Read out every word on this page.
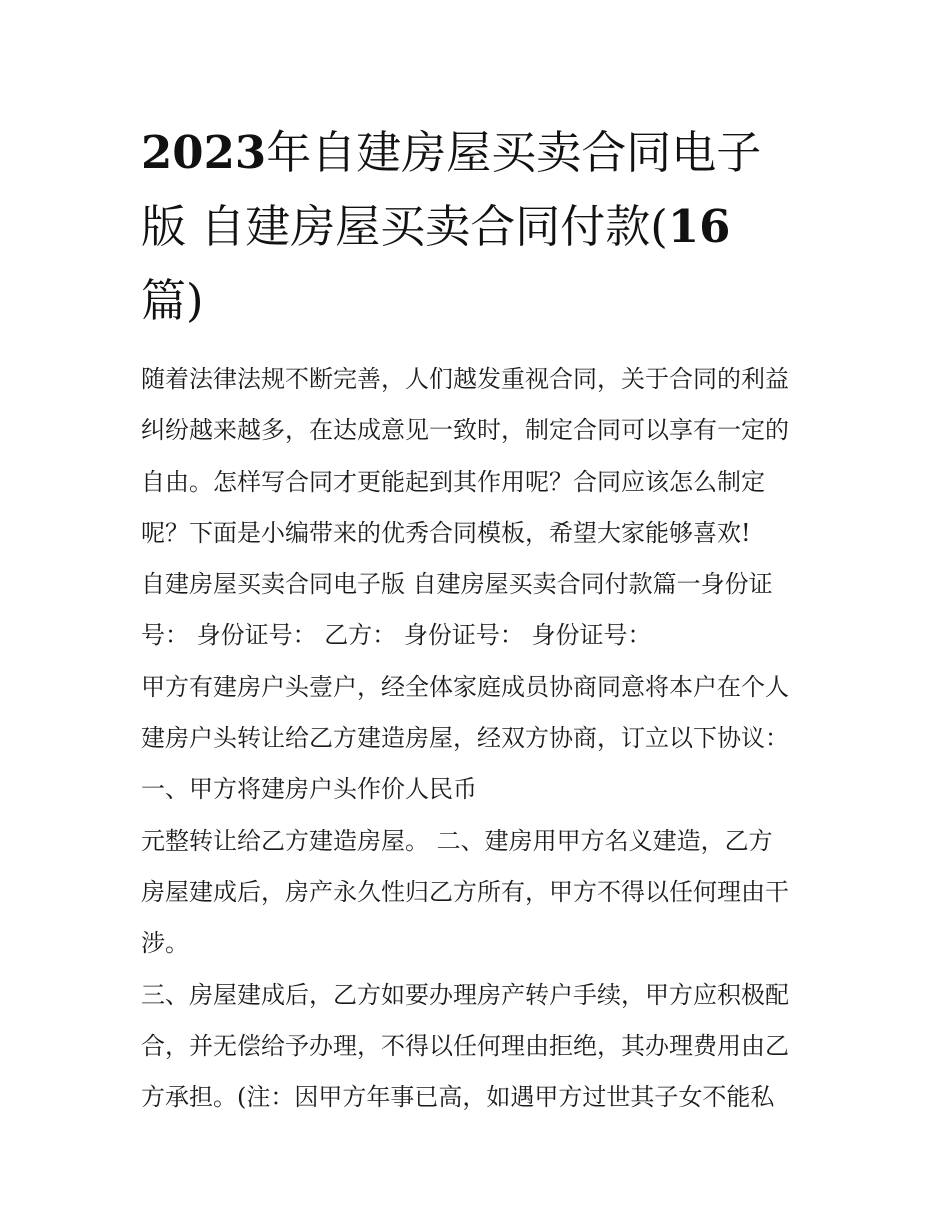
2023年自建房屋买卖合同电子
版 自建房屋买卖合同付款(16
篇)
随着法律法规不断完善，人们越发重视合同，关于合同的利益
纠纷越来越多，在达成意见一致时，制定合同可以享有一定的
自由。怎样写合同才更能起到其作用呢？合同应该怎么制定
呢？下面是小编带来的优秀合同模板，希望大家能够喜欢!
自建房屋买卖合同电子版 自建房屋买卖合同付款篇一身份证
号： 身份证号： 乙方： 身份证号： 身份证号：
甲方有建房户头壹户，经全体家庭成员协商同意将本户在个人
建房户头转让给乙方建造房屋，经双方协商，订立以下协议：
一、甲方将建房户头作价人民币
元整转让给乙方建造房屋。 二、建房用甲方名义建造，乙方
房屋建成后，房产永久性归乙方所有，甲方不得以任何理由干
涉。
三、房屋建成后，乙方如要办理房产转户手续，甲方应积极配
合，并无偿给予办理，不得以任何理由拒绝，其办理费用由乙
方承担。(注：因甲方年事已高，如遇甲方过世其子女不能私
